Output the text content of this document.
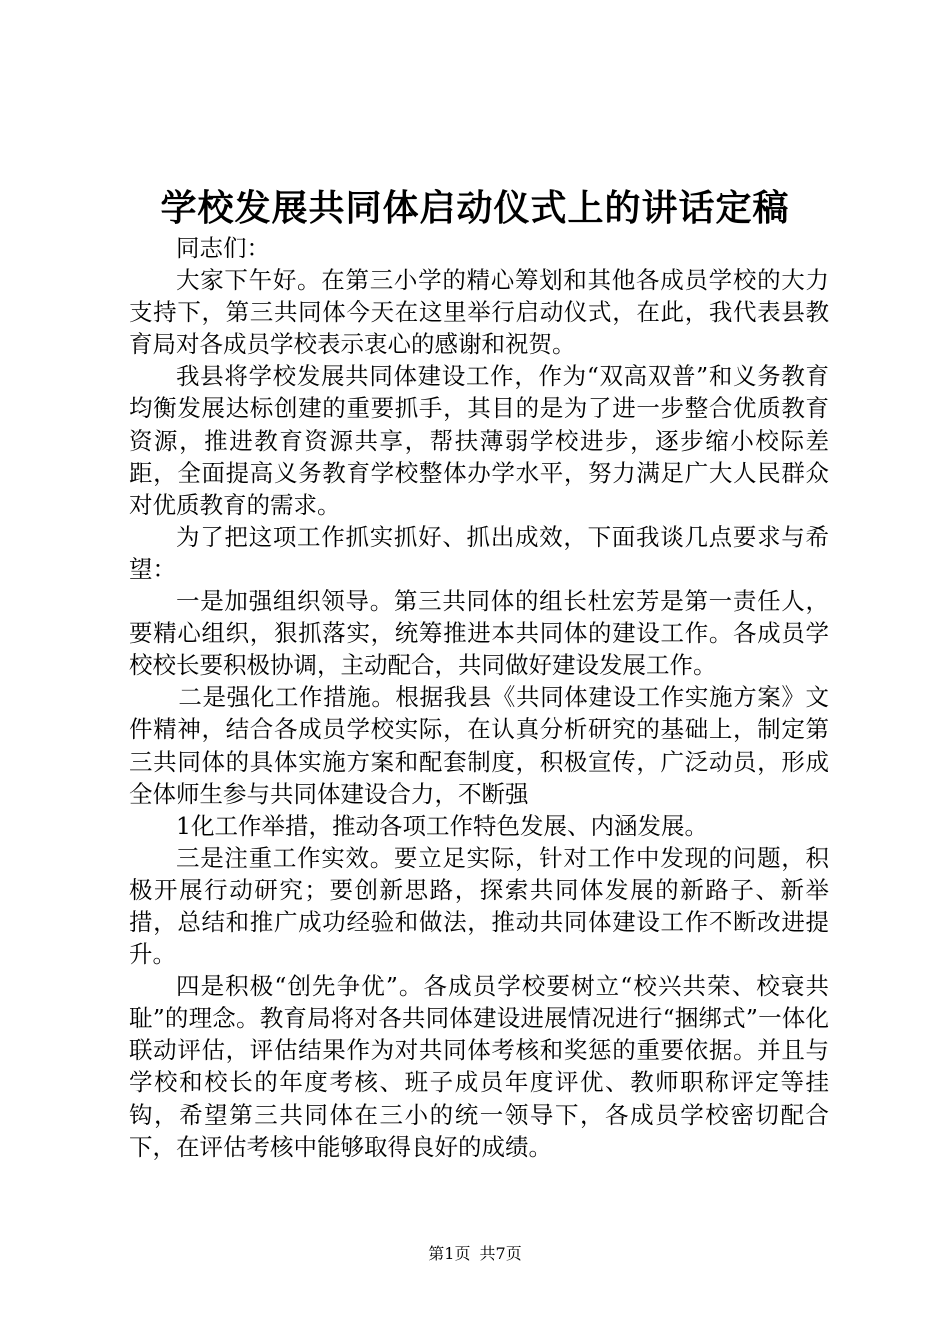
学校发展共同体启动仪式上的讲话定稿

同志们：

大家下午好。在第三小学的精心筹划和其他各成员学校的大力支持下，第三共同体今天在这里举行启动仪式，在此，我代表县教育局对各成员学校表示衷心的感谢和祝贺。

我县将学校发展共同体建设工作，作为“双高双普”和义务教育均衡发展达标创建的重要抓手，其目的是为了进一步整合优质教育资源，推进教育资源共享，帮扶薄弱学校进步，逐步缩小校际差距，全面提高义务教育学校整体办学水平，努力满足广大人民群众对优质教育的需求。

为了把这项工作抓实抓好、抓出成效，下面我谈几点要求与希望：

一是加强组织领导。第三共同体的组长杜宏芳是第一责任人，要精心组织，狠抓落实，统筹推进本共同体的建设工作。各成员学校校长要积极协调，主动配合，共同做好建设发展工作。

二是强化工作措施。根据我县《共同体建设工作实施方案》文件精神，结合各成员学校实际，在认真分析研究的基础上，制定第三共同体的具体实施方案和配套制度，积极宣传，广泛动员，形成全体师生参与共同体建设合力，不断强

1化工作举措，推动各项工作特色发展、内涵发展。

三是注重工作实效。要立足实际，针对工作中发现的问题，积极开展行动研究；要创新思路，探索共同体发展的新路子、新举措，总结和推广成功经验和做法，推动共同体建设工作不断改进提升。

四是积极“创先争优”。各成员学校要树立“校兴共荣、校衰共耻”的理念。教育局将对各共同体建设进展情况进行“捆绑式”一体化联动评估，评估结果作为对共同体考核和奖惩的重要依据。并且与学校和校长的年度考核、班子成员年度评优、教师职称评定等挂钩，希望第三共同体在三小的统一领导下，各成员学校密切配合下，在评估考核中能够取得良好的成绩。

第1页 共7页
